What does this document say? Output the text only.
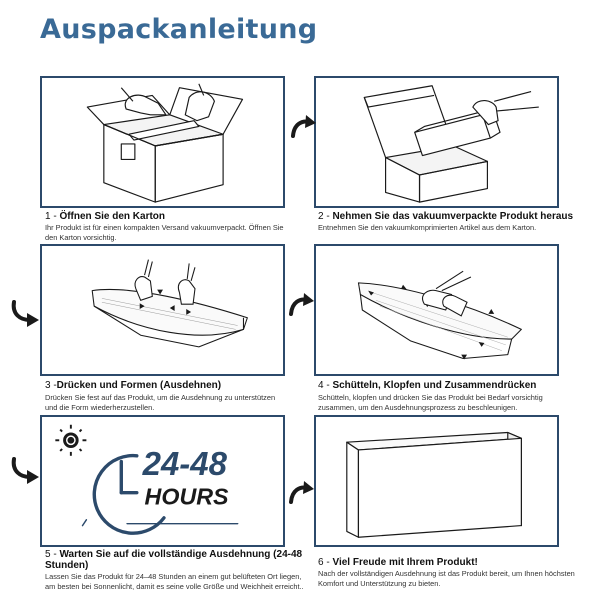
Auspackanleitung
1 - Öffnen Sie den Karton
Ihr Produkt ist für einen kompakten Versand vakuumverpackt. Öffnen Sie den Karton vorsichtig.
2 - Nehmen Sie das vakuumverpackte Produkt heraus
Entnehmen Sie den vakuumkomprimierten Artikel aus dem Karton.
3 -Drücken und Formen (Ausdehnen)
Drücken Sie fest auf das Produkt, um die Ausdehnung zu unterstützen und die Form wiederherzustellen.
4 - Schütteln, Klopfen und Zusammendrücken
Schütteln, klopfen und drücken Sie das Produkt bei Bedarf vorsichtig zusammen, um den Ausdehnungsprozess zu beschleunigen.
24-48
HOURS
5 - Warten Sie auf die vollständige Ausdehnung (24-48 Stunden)
Lassen Sie das Produkt für 24–48 Stunden an einem gut belüfteten Ort liegen, am besten bei Sonnenlicht, damit es seine volle Größe und Weichheit erreicht..
6 - Viel Freude mit Ihrem Produkt!
Nach der vollständigen Ausdehnung ist das Produkt bereit, um Ihnen höchsten Komfort und Unterstützung zu bieten.
